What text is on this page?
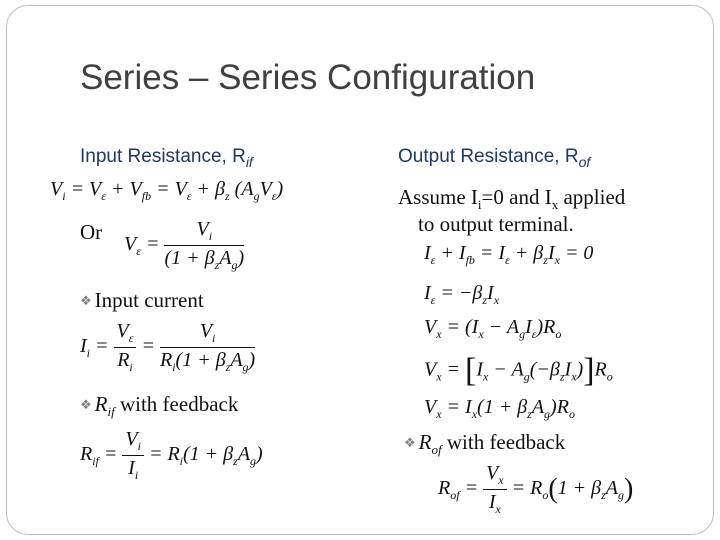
Series – Series Configuration
Input Resistance, $R_{if}$
$V_i = V_\varepsilon + V_{fb} = V_\varepsilon + \beta_z$ $(A_gV_\varepsilon)$
Or
$V_\varepsilon = \frac{V_i}{(1 + \beta_zA_g)}$
❖ Input current
$I_i = \frac{V_\varepsilon}{R_i} = \frac{V_i}{R_i(1 + \beta_zA_g)}$
❖ $R_{if}$ with feedback
$R_{if} = \frac{V_i}{I_i} = R_i(1 + \beta_zA_g)$
Output Resistance, $R_{of}$
Assume $I_i=0$ and $I_x$ applied
to output terminal.
$I_\varepsilon + I_{fb} = I_\varepsilon + \beta_zI_x = 0$
$I_\varepsilon = -\beta_zI_x$
$V_x = (I_x - A_gI_\varepsilon)R_o$
$V_x = [I_x - A_g(-\beta_zI_x)]R_o$
$V_x = I_x(1 + \beta_zA_g)R_o$
❖ $R_{of}$ with feedback
$R_{of} = \frac{V_x}{I_x} = R_o(1 + \beta_zA_g)$
